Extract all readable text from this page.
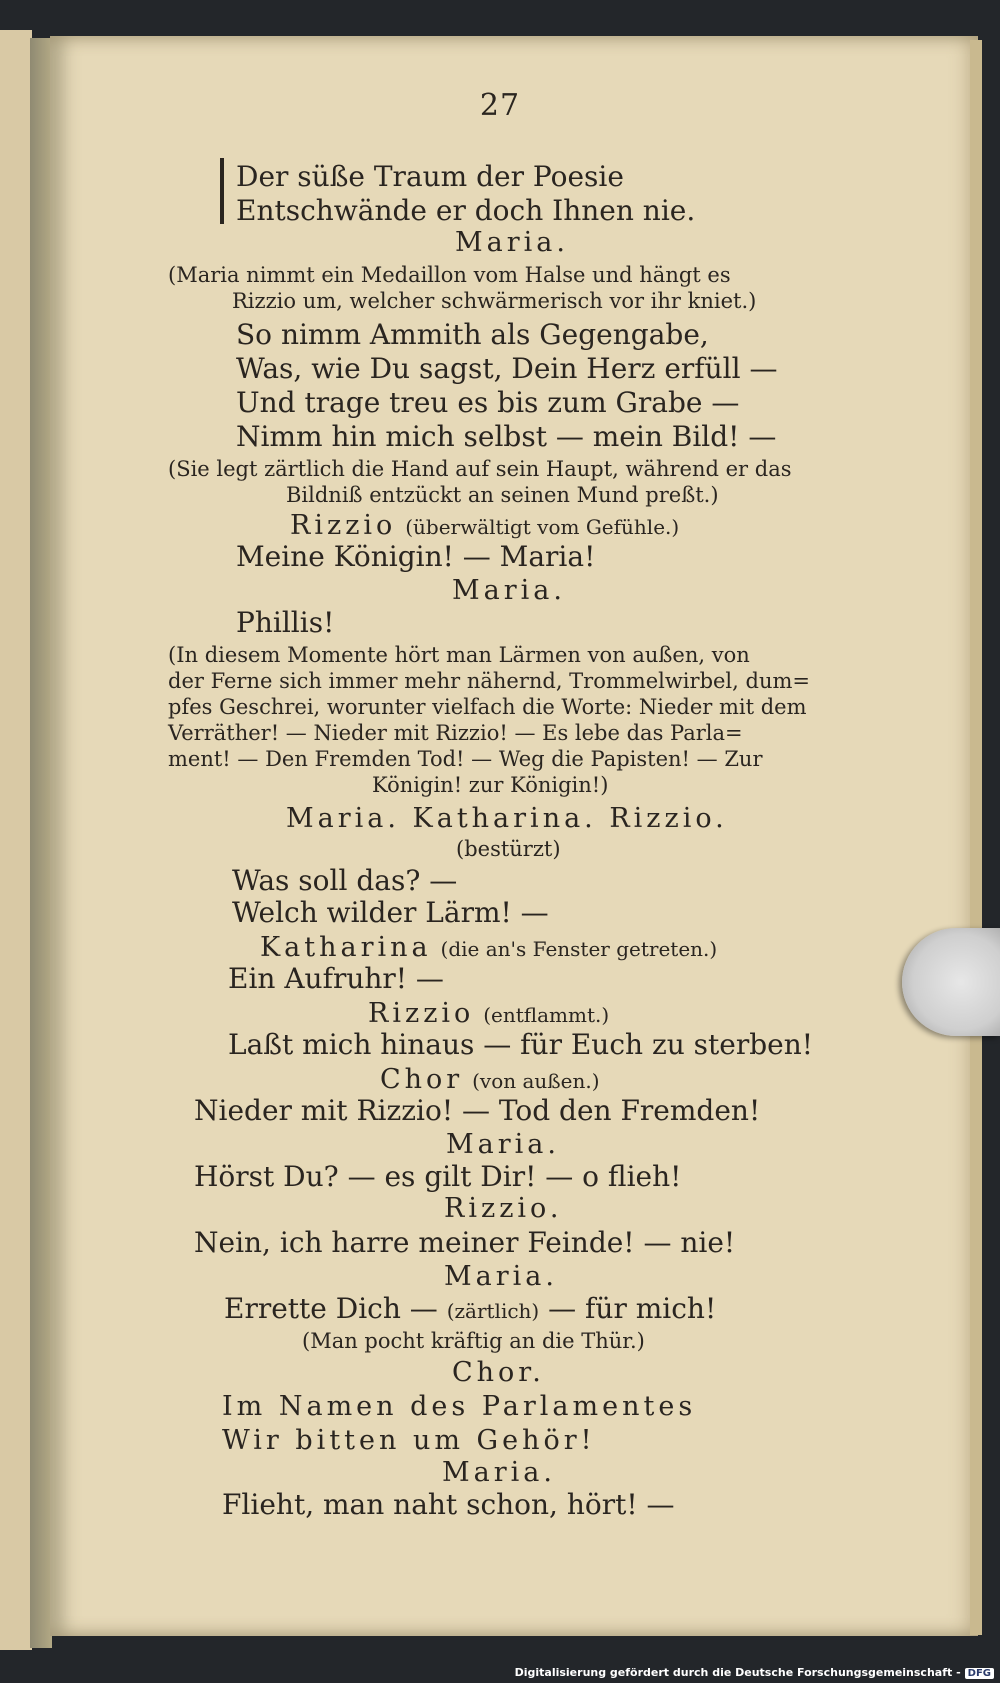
27
Der süße Traum der Poesie
Entschwände er doch Ihnen nie.
Maria.
(Maria nimmt ein Medaillon vom Halse und hängt es
Rizzio um, welcher schwärmerisch vor ihr kniet.)
So nimm Ammith als Gegengabe,
Was, wie Du sagst, Dein Herz erfüll —
Und trage treu es bis zum Grabe —
Nimm hin mich selbst — mein Bild! —
(Sie legt zärtlich die Hand auf sein Haupt, während er das
Bildniß entzückt an seinen Mund preßt.)
Rizzio (überwältigt vom Gefühle.)
Meine Königin! — Maria!
Maria.
Phillis!
(In diesem Momente hört man Lärmen von außen, von
der Ferne sich immer mehr nähernd, Trommelwirbel, dum=
pfes Geschrei, worunter vielfach die Worte: Nieder mit dem
Verräther! — Nieder mit Rizzio! — Es lebe das Parla=
ment! — Den Fremden Tod! — Weg die Papisten! — Zur
Königin! zur Königin!)
Maria. Katharina. Rizzio.
(bestürzt)
Was soll das? —
Welch wilder Lärm! —
Katharina (die an's Fenster getreten.)
Ein Aufruhr! —
Rizzio (entflammt.)
Laßt mich hinaus — für Euch zu sterben!
Chor (von außen.)
Nieder mit Rizzio! — Tod den Fremden!
Maria.
Hörst Du? — es gilt Dir! — o flieh!
Rizzio.
Nein, ich harre meiner Feinde! — nie!
Maria.
Errette Dich — (zärtlich) — für mich!
(Man pocht kräftig an die Thür.)
Chor.
Im Namen des Parlamentes
Wir bitten um Gehör!
Maria.
Flieht, man naht schon, hört! —
Digitalisierung gefördert durch die Deutsche Forschungsgemeinschaft - DFG
